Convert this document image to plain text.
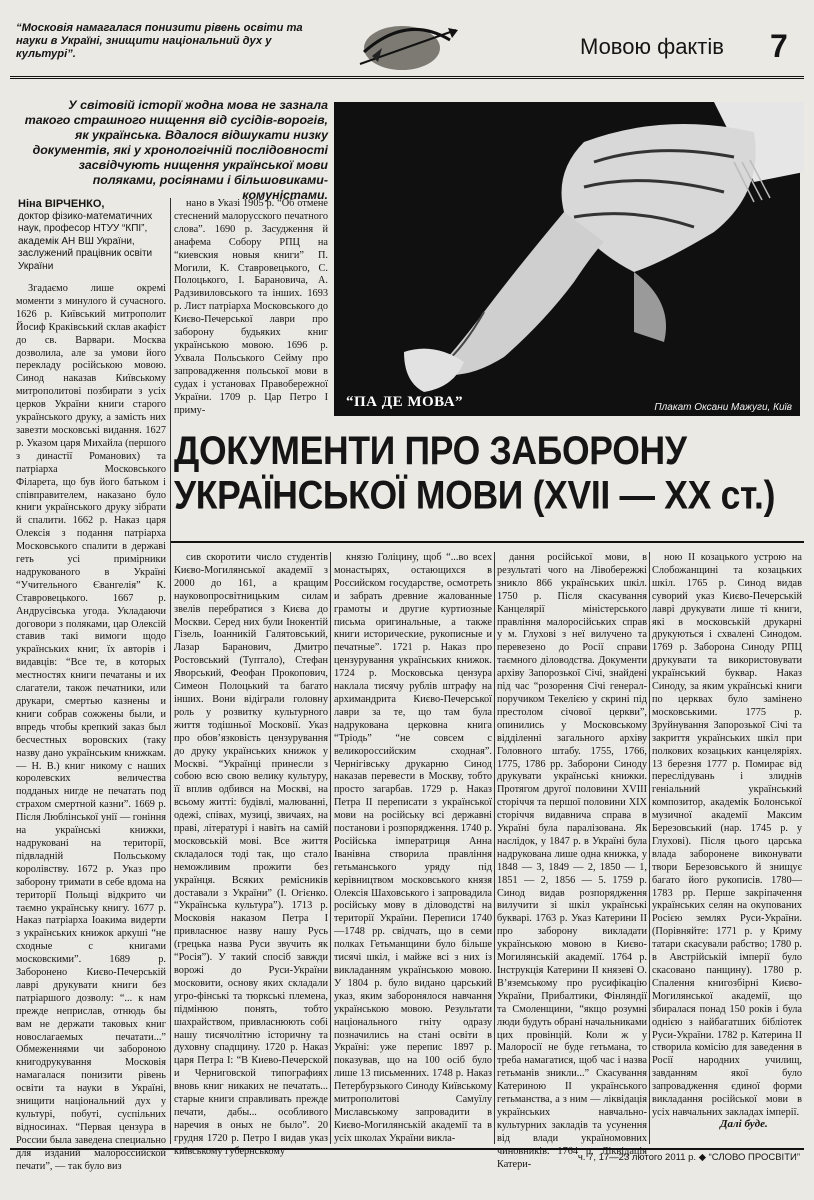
“Московія намагалася понизити рівень освіти та науки в Україні, знищити національний дух у культурі”.	Мовою фактів 7
У світовій історії жодна мова не зазнала такого страшного нищення від сусідів-ворогів, як українська. Вдалося відшукати низку документів, які у хронологічній послідовності засвідчують нищення української мови поляками, росіянами і більшовиками-комуністами.
“ПА ДЕ МОВА”	Плакат Оксани Мажуги, Київ
ДОКУМЕНТИ ПРО ЗАБОРОНУ УКРАЇНСЬКОЇ МОВИ (XVII — XX ст.)
Ніна ВІРЧЕНКО,
доктор фізико-математичних наук, професор НТУУ “КПІ”, академік АН ВШ України, заслужений працівник освіти України
Згадаємо лише окремі моменти з минулого й сучасного. 1626 р. Київський митрополит Йосиф Краківський склав акафіст до св. Варвари. Москва дозволила, але за умови його перекладу російською мовою. Синод наказав Київському митрополитові позбирати з усіх церков України книги старого українського друку, а замість них завезти московські видання. 1627 р. Указом царя Михайла (першого з династії Романових) та патріарха Московського Філарета, що був його батьком і співправителем, наказано було книги українського друку зібрати й спалити. 1662 р. Наказ царя Олексія з подання патріарха Московського спалити в державі геть усі примірники надрукованого в Україні “Учительного Євангелія” К. Ставровецького. 1667 р. Андрусівська угода. Укладаючи договори з поляками, цар Олексій ставив такі вимоги щодо українських книг, їх авторів і видавців: “Все те, в которых местностях книги печатаны и их слагатели, також печатники, или друкари, смертью казнены и книги собрав сожжены были, и впредь чтобы крепкий заказ был бесчестных воровских (таку назву дано українським книжкам. — Н. В.) книг никому с наших королевских величества подданых нигде не печатать под страхом смертной казни”. 1669 р. Після Люблінської унії — гоніння на українські книжки, надруковані на території, підвладній Польському королівству. 1672 р. Указ про заборону тримати в себе вдома на території Польщі відкрито чи таємно українську книгу. 1677 р. Наказ патріарха Іоакима видерти з українських книжок аркуші “не сходные с книгами московскими”. 1689 р. Заборонено Києво-Печерській лаврі друкувати книги без патріаршого дозволу: “... к нам прежде неприслав, отнюдь бы вам не держати таковых книг новослагаемых печатати...” Обмеженнями чи забороною книгодрукування Московія намагалася понизити рівень освіти та науки в Україні, знищити національний дух у культурі, побуті, суспільних відносинах. “Первая цензура в России была заведена специально для изданий малороссийской печати”, — так було виз
нано в Указі 1905 р. “Об отмене стеснений малорусского печатного слова”. 1690 р. Засудження й анафема Собору РПЦ на “киевския новыя книги” П. Могили, К. Ставровецького, С. Полоцького, І. Барановича, А. Радзивиловського та інших. 1693 р. Лист патріарха Московського до Києво-Печерської лаври про заборону будьяких книг українською мовою. 1696 р. Ухвала Польського Сейму про запровадження польської мови в судах і установах Правобережної України. 1709 р. Цар Петро І приму-
сив скоротити число студентів Києво-Могилянської академії з 2000 до 161, а кращим науковопросвітницьким силам звелів перебратися з Києва до Москви. Серед них були Інокентій Гізель, Іоанникій Галятовський, Лазар Баранович, Дмитро Ростовський (Туптало), Стефан Яворський, Феофан Прокопович, Симеон Полоцький та багато інших. Вони відіграли головну роль у розвитку культурного життя тодішньої Московії. Указ про обов’язковість цензурування до друку українських книжок у Москві. “Українці принесли з собою всю свою велику культуру, її вплив одбився на Москві, на всьому житті: будівлі, малюванні, одежі, співах, музиці, звичаях, на праві, літературі і навіть на самій московській мові. Все життя складалося тоді так, що стало неможливим прожити без українця. Всяких ремісників доставали з України” (І. Огієнко. “Українська культура”). 1713 р. Московія наказом Петра І привласнює назву нашу Русь (грецька назва Руси звучить як “Росія”). У такий спосіб завжди ворожі до Руси-України московити, основу яких складали угро-фінські та тюркські племена, підмінюю понять, тобто шахрайством, привласнюють собі нашу тисячолітню історичну та духовну спадщину. 1720 р. Наказ царя Петра І: “В Киево-Печерской и Черниговской типографиях вновь книг никаких не печатать... старые книги справливать прежде печати, дабы... особливого наречия в оных не было”. 20 грудня 1720 р. Петро І видав указ київському губернському
князю Голіцину, щоб “...во всех монастырях, остающихся в Российском государстве, осмотреть и забрать древние жалованные грамоты и другие куртиозные письма оригинальные, а также книги исторические, рукописные и печатные”. 1721 р. Наказ про цензурування українських книжок. 1724 р. Московська цензура наклала тисячу рублів штрафу на архимандрита Києво-Печерської лаври за те, що там була надрукована церковна книга “Тріодь” “не совсем с великороссийским сходная”. Чернігівську друкарню Синод наказав перевести в Москву, тобто просто загарбав. 1729 р. Наказ Петра ІІ переписати з української мови на російську всі державні постанови і розпорядження. 1740 р. Російська імператриця Анна Іванівна створила правління гетьманського уряду під керівництвом московського князя Олексія Шаховського і запровадила російську мову в діловодстві на території України. Переписи 1740—1748 рр. свідчать, що в семи полках Гетьманщини було більше тисячі шкіл, і майже всі з них із викладанням українською мовою. У 1804 р. було видано царський указ, яким заборонялося навчання українською мовою. Результати національного гніту одразу позначились на стані освіти в Україні: уже перепис 1897 р. показував, що на 100 осіб було лише 13 письменних. 1748 р. Наказ Петербурзького Синоду Київському митрополитові Самуїлу Миславському запровадити в Києво-Могилянській академії та в усіх школах України викла-
дання російської мови, в результаті чого на Лівобережжі зникло 866 українських шкіл. 1750 р. Після скасування Канцелярії міністерського правління малоросійських справ у м. Глухові з неї вилучено та перевезено до Росії справи таємного діловодства. Документи архіву Запорозької Січі, знайдені під час “розорення Січі генерал-поручиком Текелією у скрині під престолом січової церкви”, опинились у Московському відділенні загального архіву Головного штабу. 1755, 1766, 1775, 1786 рр. Заборони Синоду друкувати українські книжки. Протягом другої половини XVIII сторіччя та першої половини XIX сторіччя видавнича справа в Україні була паралізована. Як наслідок, у 1847 р. в Україні була надрукована лише одна книжка, у 1848 — 3, 1849 — 2, 1850 — 1, 1851 — 2, 1856 — 5. 1759 р. Синод видав розпорядження вилучити зі шкіл українські букварі. 1763 р. Указ Катерини ІІ про заборону викладати українською мовою в Києво-Могилянській академії. 1764 р. Інструкція Катерини ІІ князеві О. В’яземському про русифікацію України, Прибалтики, Фінляндії та Смоленщини, “якщо розумні люди будуть обрані начальниками цих провінцій. Коли ж у Малоросії не буде гетьмана, то треба намагатися, щоб час і назва гетьманів зникли...” Скасування Катериною ІІ українського гетьманства, а з ним — ліквідація українських навчально-культурних закладів та усунення від влади україномовних чиновників. 1764 р. Ліквідація Катери-
ною ІІ козацького устрою на Слобожанщині та козацьких шкіл. 1765 р. Синод видав суворий указ Києво-Печерській лаврі друкувати лише ті книги, які в московській друкарні друкуються і схвалені Синодом. 1769 р. Заборона Синоду РПЦ друкувати та використовувати український буквар. Наказ Синоду, за яким українські книги по церквах було замінено московськими. 1775 р. Зруйнування Запорозької Січі та закриття українських шкіл при полкових козацьких канцеляріях. 13 березня 1777 р. Помирає від переслідувань і злиднів геніальний український композитор, академік Болонської музичної академії Максим Березовський (нар. 1745 р. у Глухові). Після цього царська влада заборонене виконувати твори Березовського й знищує багато його рукописів. 1780—1783 рр. Перше закріпачення українських селян на окупованих Росією землях Руси-України. (Порівняйте: 1771 р. у Криму татари скасували рабство; 1780 р. в Австрійській імперії було скасовано панщину). 1780 р. Спалення книгозбірні Києво-Могилянської академії, що збиралася понад 150 років і була однією з найбагатших бібліотек Руси-України. 1782 р. Катерина ІІ створила комісію для заведення в Росії народних училищ, завданням якої було запровадження єдиної форми викладання російської мови в усіх навчальних закладах імперії.
Далі буде.
ч. 7, 17—23 лютого 2011 р. ◆ “СЛОВО ПРОСВІТИ”
